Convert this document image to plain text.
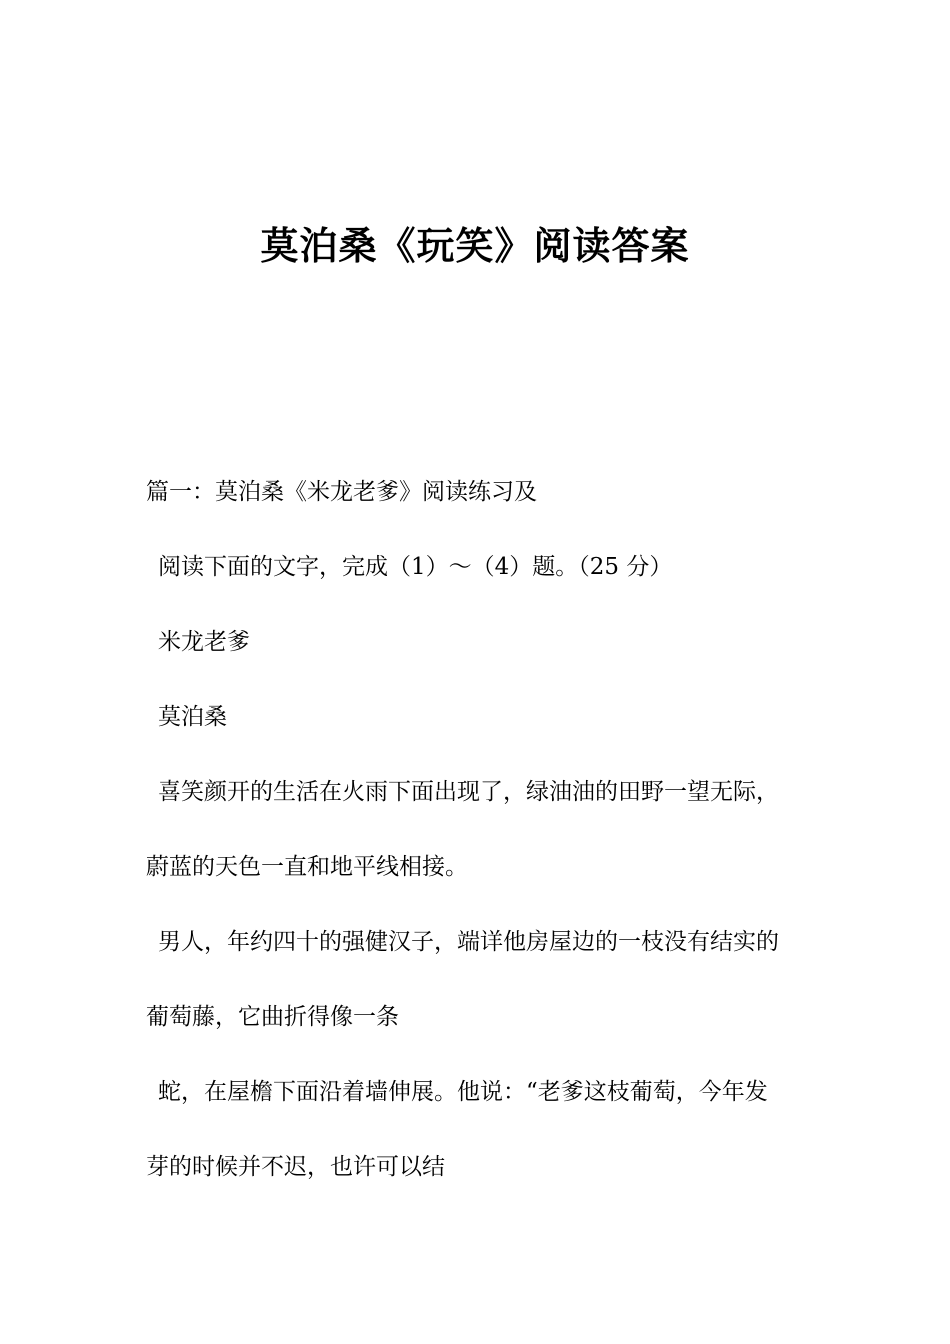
莫泊桑《玩笑》阅读答案
篇一：莫泊桑《米龙老爹》阅读练习及
阅读下面的文字，完成（1）～（4）题。（25 分）
米龙老爹
莫泊桑
喜笑颜开的生活在火雨下面出现了，绿油油的田野一望无际，
蔚蓝的天色一直和地平线相接。
男人，年约四十的强健汉子，端详他房屋边的一枝没有结实的
葡萄藤，它曲折得像一条
蛇，在屋檐下面沿着墙伸展。他说：“老爹这枝葡萄，今年发
芽的时候并不迟，也许可以结
